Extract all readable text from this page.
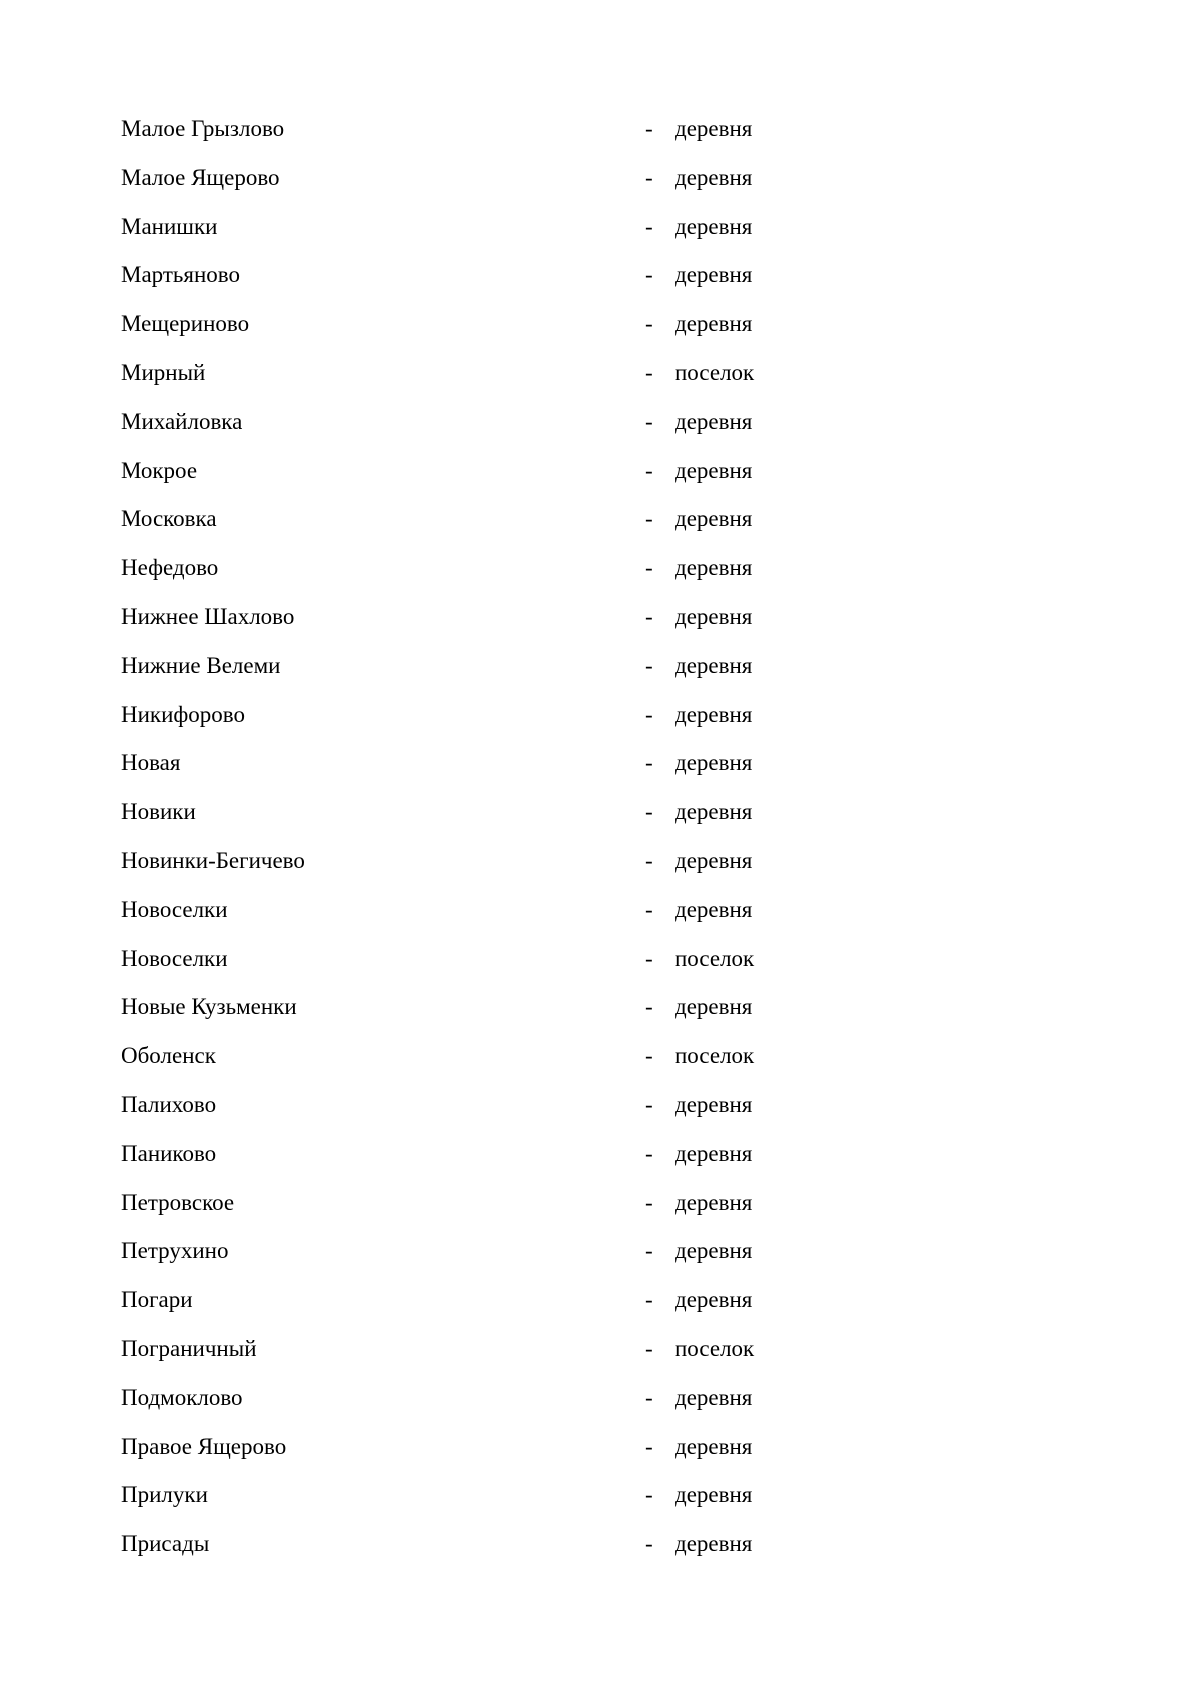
Малое Грызлово	- деревня
Малое Ящерово	- деревня
Манишки	- деревня
Мартьяново	- деревня
Мещериново	- деревня
Мирный	- поселок
Михайловка	- деревня
Мокрое	- деревня
Московка	- деревня
Нефедово	- деревня
Нижнее Шахлово	- деревня
Нижние Велеми	- деревня
Никифорово	- деревня
Новая	- деревня
Новики	- деревня
Новинки-Бегичево	- деревня
Новоселки	- деревня
Новоселки	- поселок
Новые Кузьменки	- деревня
Оболенск	- поселок
Палихово	- деревня
Паниково	- деревня
Петровское	- деревня
Петрухино	- деревня
Погари	- деревня
Пограничный	- поселок
Подмоклово	- деревня
Правое Ящерово	- деревня
Прилуки	- деревня
Присады	- деревня
